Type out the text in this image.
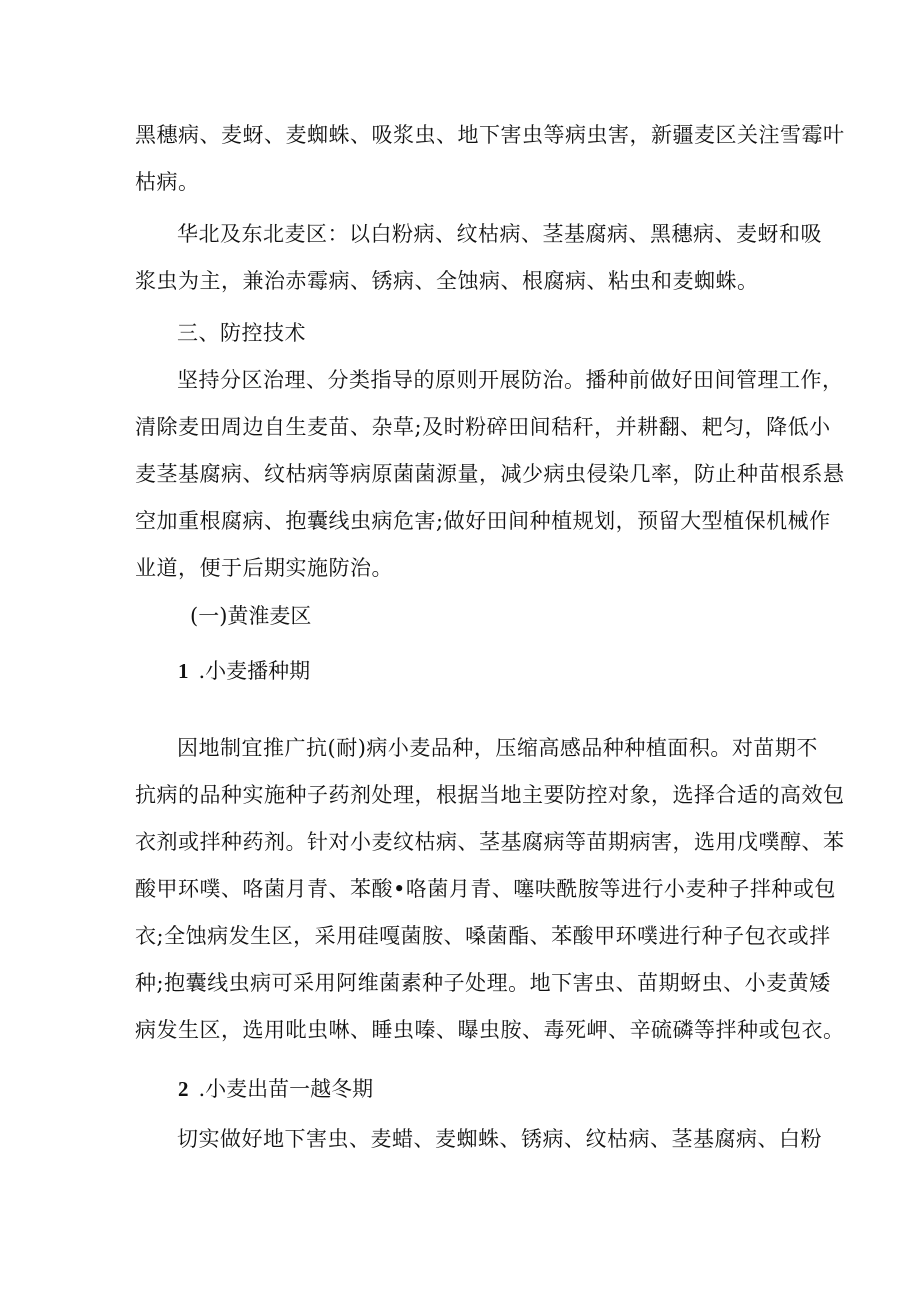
黑穗病、麦蚜、麦蜘蛛、吸浆虫、地下害虫等病虫害，新疆麦区关注雪霉叶
枯病。
华北及东北麦区：以白粉病、纹枯病、茎基腐病、黑穗病、麦蚜和吸
浆虫为主，兼治赤霉病、锈病、全蚀病、根腐病、粘虫和麦蜘蛛。
三、防控技术
坚持分区治理、分类指导的原则开展防治。播种前做好田间管理工作，
清除麦田周边自生麦苗、杂草;及时粉碎田间秸秆，并耕翻、耙匀，降低小
麦茎基腐病、纹枯病等病原菌菌源量，减少病虫侵染几率，防止种苗根系悬
空加重根腐病、抱囊线虫病危害;做好田间种植规划，预留大型植保机械作
业道，便于后期实施防治。
(一)黄淮麦区
1 .小麦播种期
因地制宜推广抗(耐)病小麦品种，压缩高感品种种植面积。对苗期不
抗病的品种实施种子药剂处理，根据当地主要防控对象，选择合适的高效包
衣剂或拌种药剂。针对小麦纹枯病、茎基腐病等苗期病害，选用戊噗醇、苯
酸甲环噗、咯菌月青、苯酸•咯菌月青、噻呋酰胺等进行小麦种子拌种或包
衣;全蚀病发生区，采用硅嘎菌胺、嗓菌酯、苯酸甲环噗进行种子包衣或拌
种;抱囊线虫病可采用阿维菌素种子处理。地下害虫、苗期蚜虫、小麦黄矮
病发生区，选用吡虫啉、睡虫嗪、曝虫胺、毒死岬、辛硫磷等拌种或包衣。
2 .小麦出苗一越冬期
切实做好地下害虫、麦蜡、麦蜘蛛、锈病、纹枯病、茎基腐病、白粉
